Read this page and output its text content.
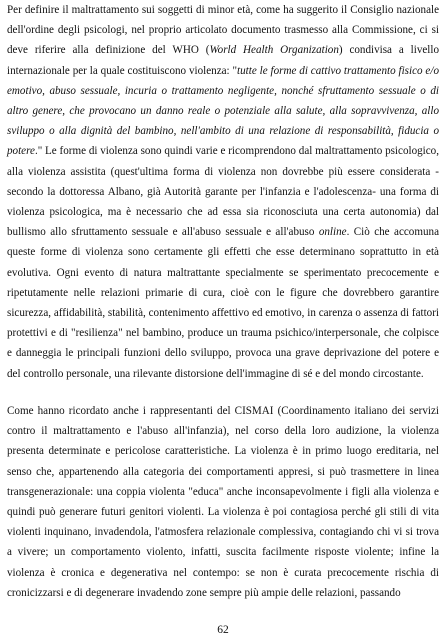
Per definire il maltrattamento sui soggetti di minor età, come ha suggerito il Consiglio nazionale dell'ordine degli psicologi, nel proprio articolato documento trasmesso alla Commissione, ci si deve riferire alla definizione del WHO (World Health Organization) condivisa a livello internazionale per la quale costituiscono violenza: "tutte le forme di cattivo trattamento fisico e/o emotivo, abuso sessuale, incuria o trattamento negligente, nonché sfruttamento sessuale o di altro genere, che provocano un danno reale o potenziale alla salute, alla sopravvivenza, allo sviluppo o alla dignità del bambino, nell'ambito di una relazione di responsabilità, fiducia o potere." Le forme di violenza sono quindi varie e ricomprendono dal maltrattamento psicologico, alla violenza assistita (quest'ultima forma di violenza non dovrebbe più essere considerata - secondo la dottoressa Albano, già Autorità garante per l'infanzia e l'adolescenza- una forma di violenza psicologica, ma è necessario che ad essa sia riconosciuta una certa autonomia) dal bullismo allo sfruttamento sessuale e all'abuso sessuale e all'abuso online. Ciò che accomuna queste forme di violenza sono certamente gli effetti che esse determinano soprattutto in età evolutiva. Ogni evento di natura maltrattante specialmente se sperimentato precocemente e ripetutamente nelle relazioni primarie di cura, cioè con le figure che dovrebbero garantire sicurezza, affidabilità, stabilità, contenimento affettivo ed emotivo, in carenza o assenza di fattori protettivi e di "resilienza" nel bambino, produce un trauma psichico/interpersonale, che colpisce e danneggia le principali funzioni dello sviluppo, provoca una grave deprivazione del potere e del controllo personale, una rilevante distorsione dell'immagine di sé e del mondo circostante.

Come hanno ricordato anche i rappresentanti del CISMAI (Coordinamento italiano dei servizi contro il maltrattamento e l'abuso all'infanzia), nel corso della loro audizione, la violenza presenta determinate e pericolose caratteristiche. La violenza è in primo luogo ereditaria, nel senso che, appartenendo alla categoria dei comportamenti appresi, si può trasmettere in linea transgenerazionale: una coppia violenta "educa" anche inconsapevolmente i figli alla violenza e quindi può generare futuri genitori violenti. La violenza è poi contagiosa perché gli stili di vita violenti inquinano, invadendola, l'atmosfera relazionale complessiva, contagiando chi vi si trova a vivere; un comportamento violento, infatti, suscita facilmente risposte violente; infine la violenza è cronica e degenerativa nel contempo: se non è curata precocemente rischia di cronicizzarsi e di degenerare invadendo zone sempre più ampie delle relazioni, passando

62
